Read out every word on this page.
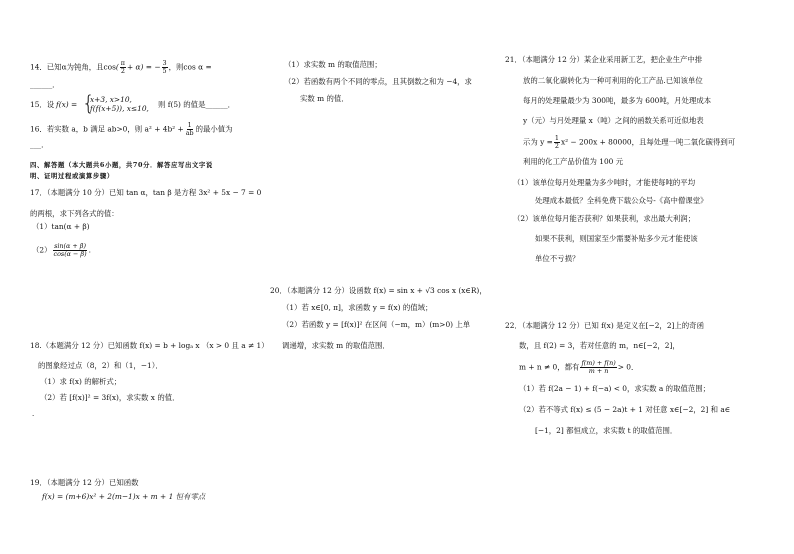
14．已知α为钝角，且$\cos( \frac{\pi}{2} + \alpha)$ = − $\frac{3}{5}$ ，则cos α =
______．
15．设 f(x) = {
x+3, x>10,
f(f(x+5)), x≤10, 则 f(5) 的值是______．
16．若实数 a，b 满足 ab>0，则 $a^2 + 4b^2 + \frac{1}{ab}$ 的最小值为
___．
四、解答题（本大题共6小题，共70分．解答应写出文字说
明、证明过程或演算步骤）
17．（本题满分 10 分）已知 tan α，tan β 是方程 3x² + 5x − 7 = 0
的两根，求下列各式的值：
（1）tan(α + β)
$(2) \frac{\sin(\alpha + \beta)}{\cos(\alpha - \beta)}$ .
18.（本题满分 12 分）已知函数 f(x) = b + logₐ x （x > 0 且 a ≠ 1）
的图象经过点（8，2）和（1，−1）．
（1）求 f(x) 的解析式；
（2）若 [f(x)]² = 3f(x)，求实数 x 的值．
.
19．（本题满分 12 分）已知函数
f(x) = (m+6)x² + 2(m−1)x + m + 1 恒有零点
（1）求实数 m 的取值范围；
（2）若函数有两个不同的零点，且其倒数之和为 −4，求
实数 m 的值．
20．（本题满分 12 分）设函数 f(x) = sin x + √3 cos x (x∈R)，
（1）若 x∈[0, π]，求函数 y = f(x) 的值域；
（2）若函数 y = [f(x)]² 在区间（−m，m）(m>0) 上单
调递增，求实数 m 的取值范围．
21．（本题满分 12 分）某企业采用新工艺，把企业生产中排
放的二氧化碳转化为一种可利用的化工产品.已知该单位
每月的处理量最少为 300吨，最多为 600吨，月处理成本
y（元）与月处理量 x（吨）之间的函数关系可近似地表
示为 $y = \frac{1}{2} x^2 - 200x + 80000$，且每处理一吨二氧化碳得到可
利用的化工产品价值为 100 元
（1）该单位每月处理量为多少吨时，才能使每吨的平均
处理成本最低？全科免费下载公众号-《高中僧课堂》
（2）该单位每月能否获利？如果获利，求出最大利润；
如果不获利，则国家至少需要补贴多少元才能使该
单位不亏损？
22．（本题满分 12 分）已知 f(x) 是定义在[−2，2]上的奇函
数，且 f(2) = 3，若对任意的 m，n∈[−2，2]，
m + n ≠ 0，都有 $\frac{f(m) + f(n)}{m + n} > 0$．
（1）若 f(2a − 1) + f(−a) < 0，求实数 a 的取值范围；
（2）若不等式 f(x) ≤ (5 − 2a)t + 1 对任意 x∈[−2，2] 和 a∈
[−1，2] 都恒成立，求实数 t 的取值范围．
